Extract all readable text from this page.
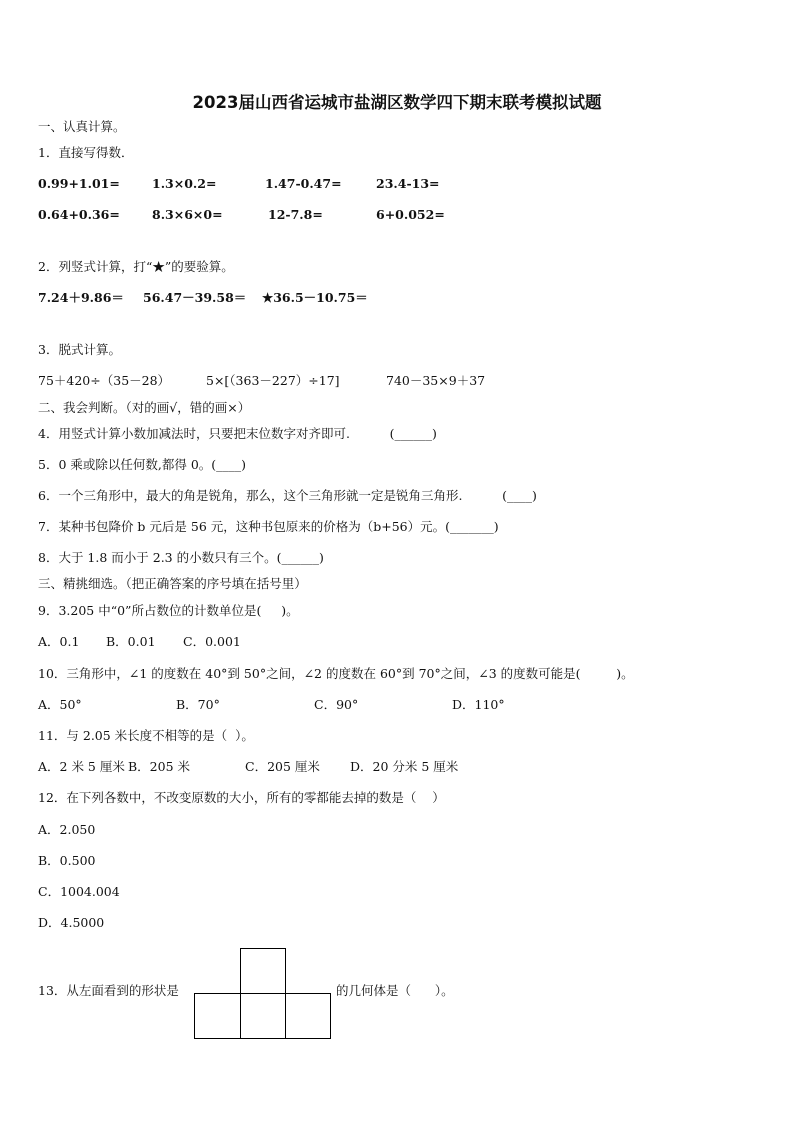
2023届山西省运城市盐湖区数学四下期末联考模拟试题
一、认真计算。
1．直接写得数．
0.99+1.01=	1.3×0.2=	1.47-0.47=	23.4-13=
0.64+0.36=	8.3×6×0=	12-7.8=	6+0.052=
2．列竖式计算，打“★”的要验算。
7.24＋9.86＝ 56.47－39.58＝ ★36.5－10.75＝
3．脱式计算。
75＋420÷（35－28）	5×[（363－227）÷17]	740－35×9＋37
二、我会判断。（对的画√，错的画×）
4．用竖式计算小数加减法时，只要把末位数字对齐即可.          (______)
5．0 乘或除以任何数,都得 0。(____)
6．一个三角形中，最大的角是锐角，那么，这个三角形就一定是锐角三角形.          (____)
7．某种书包降价 b 元后是 56 元，这种书包原来的价格为（b+56）元。(_______)
8．大于 1.8 而小于 2.3 的小数只有三个。(______)
三、精挑细选。（把正确答案的序号填在括号里）
9．3.205 中“0”所占数位的计数单位是(     )。
A．0.1 B．0.01 C．0.001
10．三角形中，∠1 的度数在 40°到 50°之间，∠2 的度数在 60°到 70°之间，∠3 的度数可能是(         )。
A．50°	B．70°	C．90°	D．110°
11．与 2.05 米长度不相等的是（  ）。
A．2 米 5 厘米 B．205 米	C．205 厘米 D．20 分米 5 厘米
12．在下列各数中，不改变原数的大小，所有的零都能去掉的数是（    ）
A．2.050
B．0.500
C．1004.004
D．4.5000
13．从左面看到的形状是	的几何体是（      ）。
